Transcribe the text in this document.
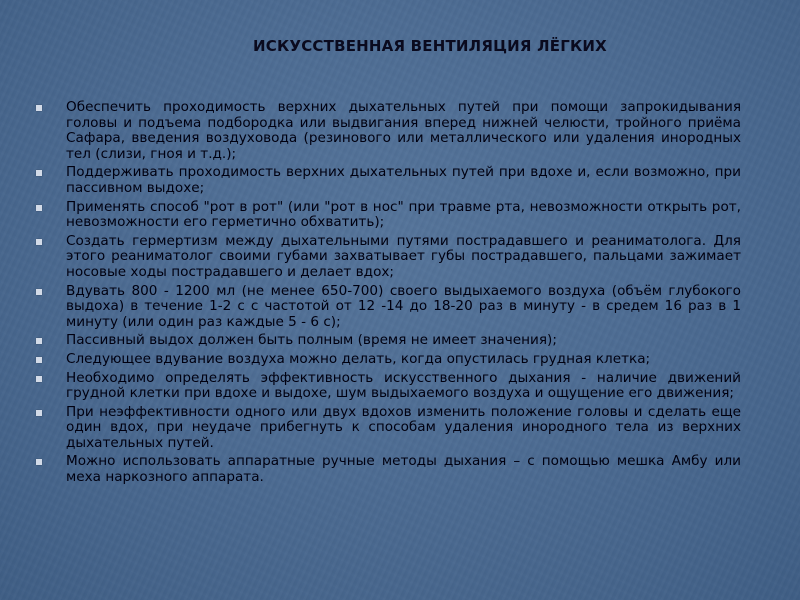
ИСКУССТВЕННАЯ ВЕНТИЛЯЦИЯ ЛЁГКИХ
Обеспечить проходимость верхних дыхательных путей при помощи запрокидывания головы и подъема подбородка или выдвигания вперед нижней челюсти, тройного приёма Сафара, введения воздуховода (резинового или металлического или удаления инородных тел (слизи, гноя и т.д.);
Поддерживать проходимость верхних дыхательных путей при вдохе и, если возможно, при пассивном выдохе;
Применять способ "рот в рот" (или "рот в нос" при травме рта, невозможности открыть рот, невозможности его герметично обхватить);
Создать гермертизм между дыхательными путями пострадавшего и реаниматолога. Для этого реаниматолог своими губами захватывает губы пострадавшего, пальцами зажимает носовые ходы пострадавшего и делает вдох;
Вдувать 800 - 1200 мл (не менее 650-700) своего выдыхаемого воздуха (объём глубокого выдоха) в течение 1-2 с с частотой от 12 -14 до 18-20 раз в минуту - в средем 16 раз в 1 минуту (или один раз каждые 5 - 6 с);
Пассивный выдох должен быть полным (время не имеет значения);
Следующее вдувание воздуха можно делать, когда опустилась грудная клетка;
Необходимо определять эффективность искусственного дыхания - наличие движений грудной клетки при вдохе и выдохе, шум выдыхаемого воздуха и ощущение его движения;
При неэффективности одного или двух вдохов изменить положение головы и сделать еще один вдох, при неудаче прибегнуть к способам удаления инородного тела из верхних дыхательных путей.
Можно использовать аппаратные ручные методы дыхания – с помощью мешка Амбу или меха наркозного аппарата.
